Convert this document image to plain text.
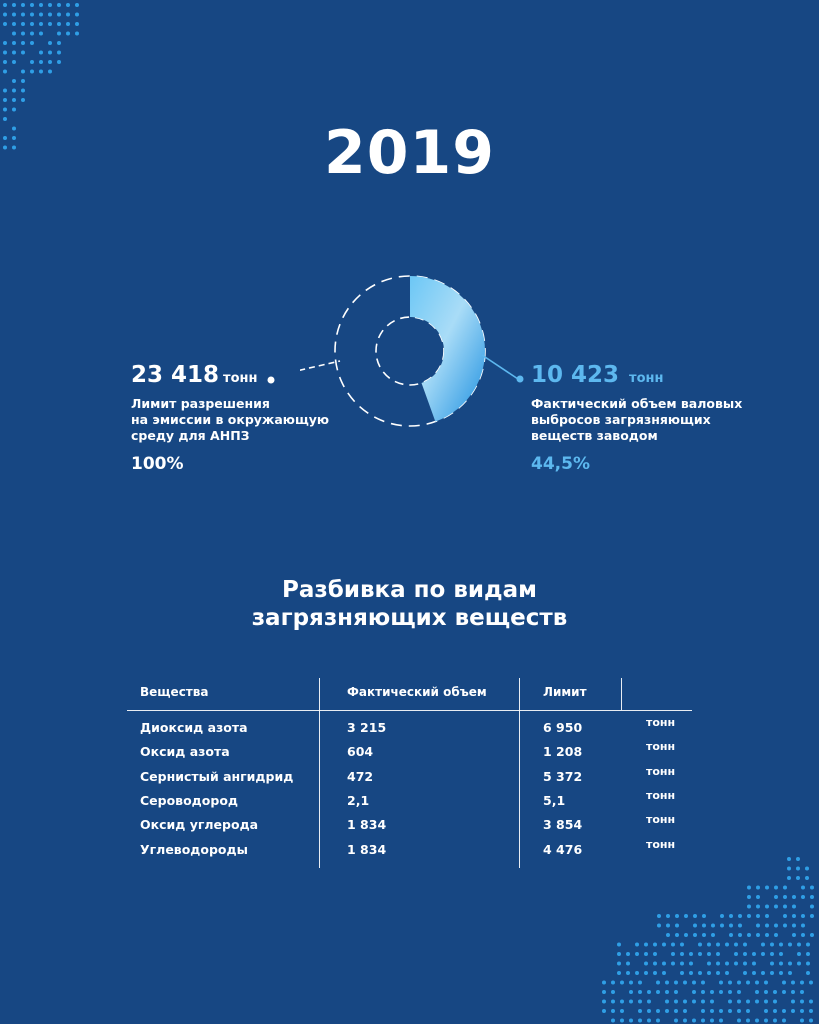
2019
23 418 тонн
Лимит разрешения
на эмиссии в окружающую
среду для АНПЗ
100%
10 423 тонн
Фактический объем валовых
выбросов загрязняющих
веществ заводом
44,5%
Разбивка по видам
загрязняющих веществ
Вещества	Фактический объем	Лимит
Диоксид азота	3 215	6 950	тонн
Оксид азота	604	1 208	тонн
Сернистый ангидрид	472	5 372	тонн
Сероводород	2,1	5,1	тонн
Оксид углерода	1 834	3 854	тонн
Углеводороды	1 834	4 476	тонн
